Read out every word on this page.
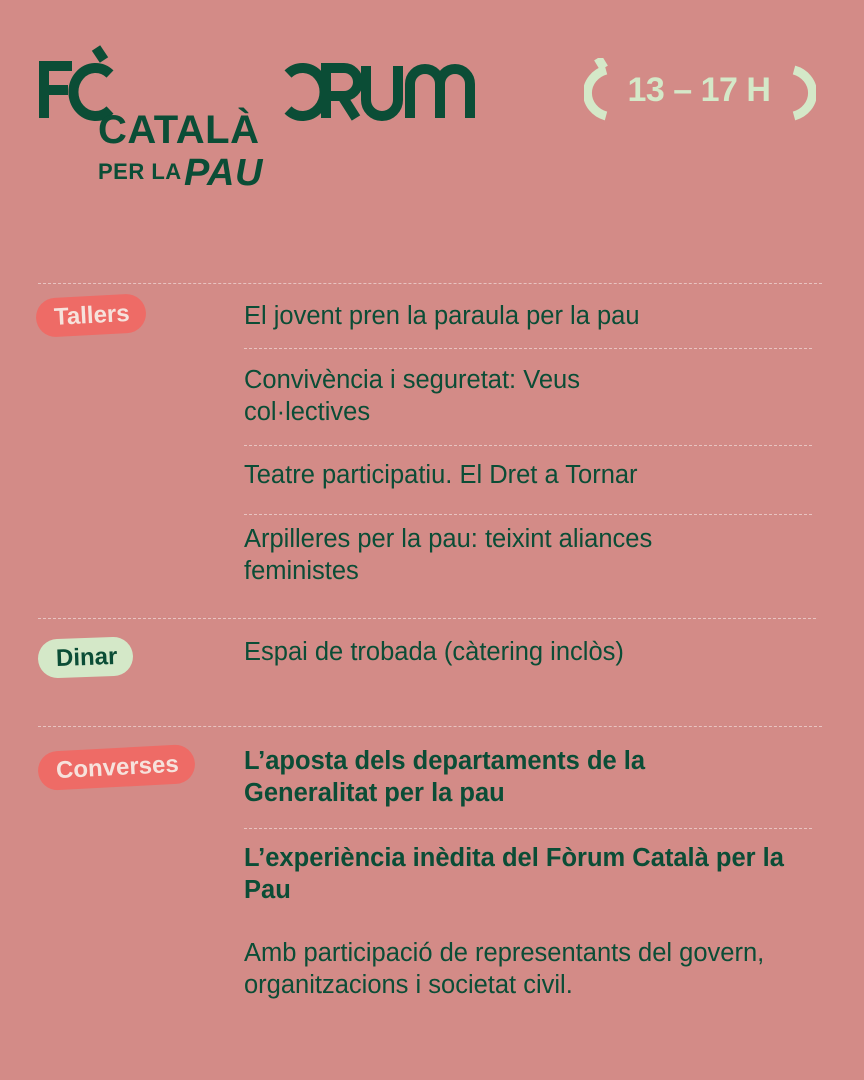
CATALÀ
PER LA PAU
13 – 17 H
Tallers	El jovent pren la paraula per la pau
Convivència i seguretat: Veus col·lectives
Teatre participatiu. El Dret a Tornar
Arpilleres per la pau: teixint aliances feministes
Dinar	Espai de trobada (càtering inclòs)
Converses	L’aposta dels departaments de la Generalitat per la pau
L’experiència inèdita del Fòrum Català per la Pau
Amb participació de representants del govern, organitzacions i societat civil.
